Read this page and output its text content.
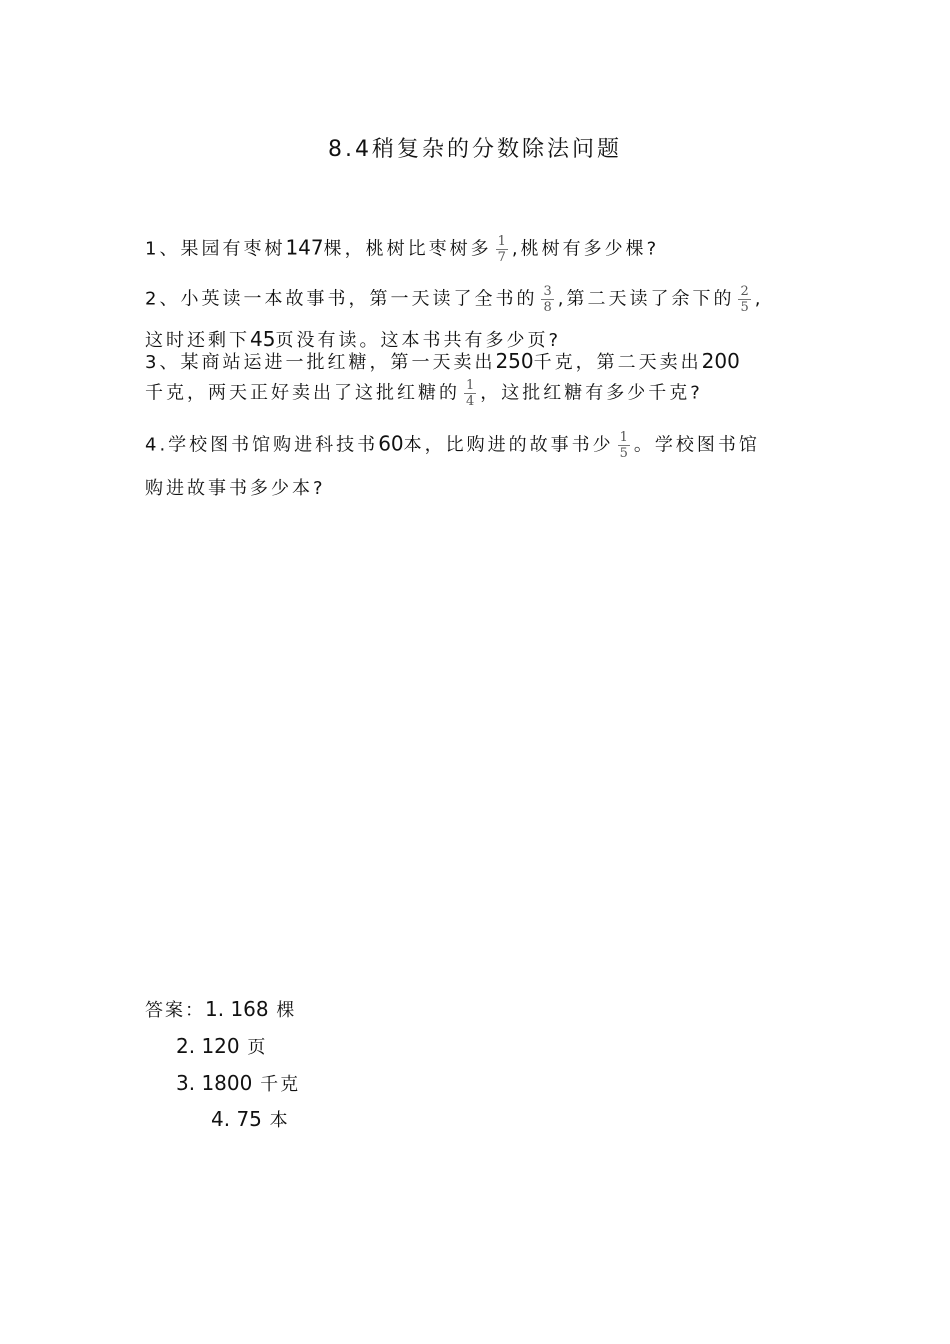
8.4稍复杂的分数除法问题
1、果园有枣树147棵，桃树比枣树多 $\frac{1}{7}$ ,桃树有多少棵?
2、小英读一本故事书，第一天读了全书的 $\frac{3}{8}$ ,第二天读了余下的 $\frac{2}{5}$ ,
这时还剩下45页没有读。这本书共有多少页?
3、某商站运进一批红糖，第一天卖出250千克，第二天卖出200
千克，两天正好卖出了这批红糖的 $\frac{1}{4}$ ，这批红糖有多少千克?
4.学校图书馆购进科技书60本，比购进的故事书少 $\frac{1}{5}$ 。学校图书馆
购进故事书多少本?
答案：1. 168 棵
2. 120 页
3. 1800 千克
4. 75 本
